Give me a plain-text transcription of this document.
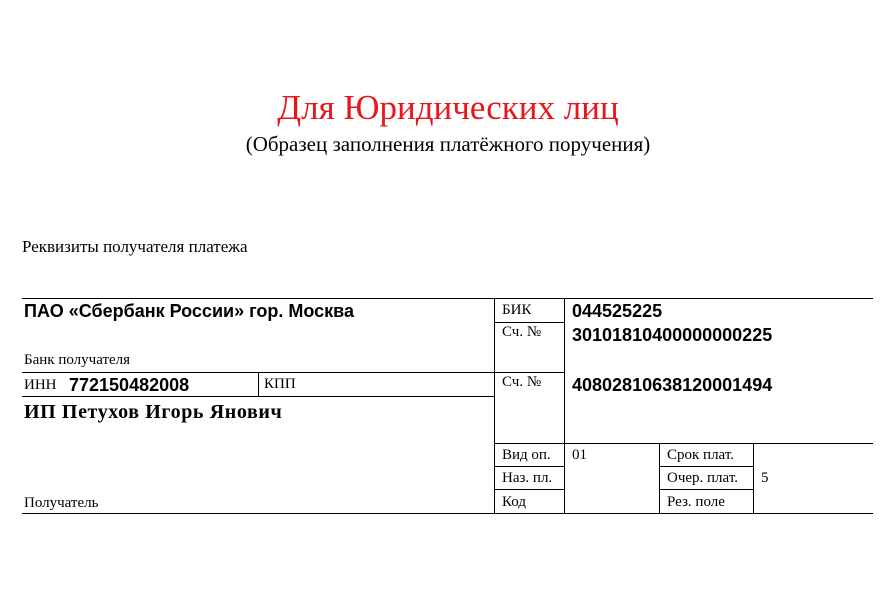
Для Юридических лиц
(Образец заполнения платёжного поручения)
Реквизиты получателя платежа
ПАО «Сбербанк России» гор. Москва
Банк получателя
БИК 044525225
Сч. № 30101810400000000225
ИНН 772150482008	КПП
ИП Петухов Игорь Янович
Получатель
Сч. № 40802810638120001494
Вид оп. 01
Наз. пл.
Код
Срок плат.
Очер. плат. 5
Рез. поле
